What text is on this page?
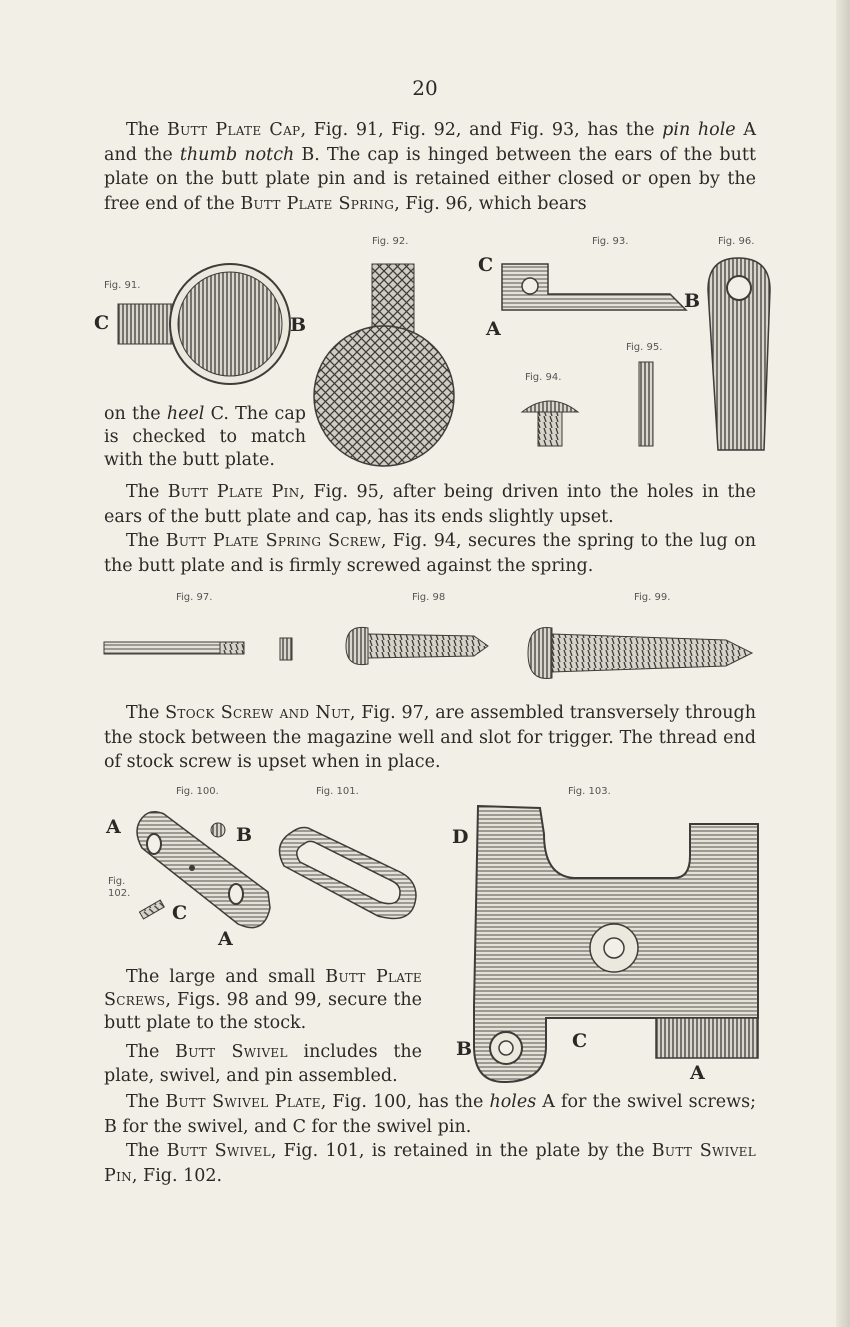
20
The Butt Plate Cap, Fig. 91, Fig. 92, and Fig. 93, has the pin hole A and the thumb notch B. The cap is hinged between the ears of the butt plate on the butt plate pin and is retained either closed or open by the free end of the Butt Plate Spring, Fig. 96, which bears
Fig. 92.	Fig. 93.	Fig. 96.
Fig. 91.
Fig. 95.
Fig. 94.
C	B
C
A
B
on the heel C. The cap is checked to match with the butt plate.
The Butt Plate Pin, Fig. 95, after being driven into the holes in the ears of the butt plate and cap, has its ends slightly upset.
The Butt Plate Spring Screw, Fig. 94, secures the spring to the lug on the butt plate and is firmly screwed against the spring.
Fig. 97.	Fig. 98	Fig. 99.
The Stock Screw and Nut, Fig. 97, are assembled transversely through the stock between the magazine well and slot for trigger. The thread end of stock screw is upset when in place.
Fig. 100.	Fig. 101.	Fig. 103.
Fig.
102.
A	B
C
A
D
B	C
A
The large and small Butt Plate Screws, Figs. 98 and 99, secure the butt plate to the stock.
The Butt Swivel includes the plate, swivel, and pin assembled.
The Butt Swivel Plate, Fig. 100, has the holes A for the swivel screws; B for the swivel, and C for the swivel pin.
The Butt Swivel, Fig. 101, is retained in the plate by the Butt Swivel Pin, Fig. 102.
